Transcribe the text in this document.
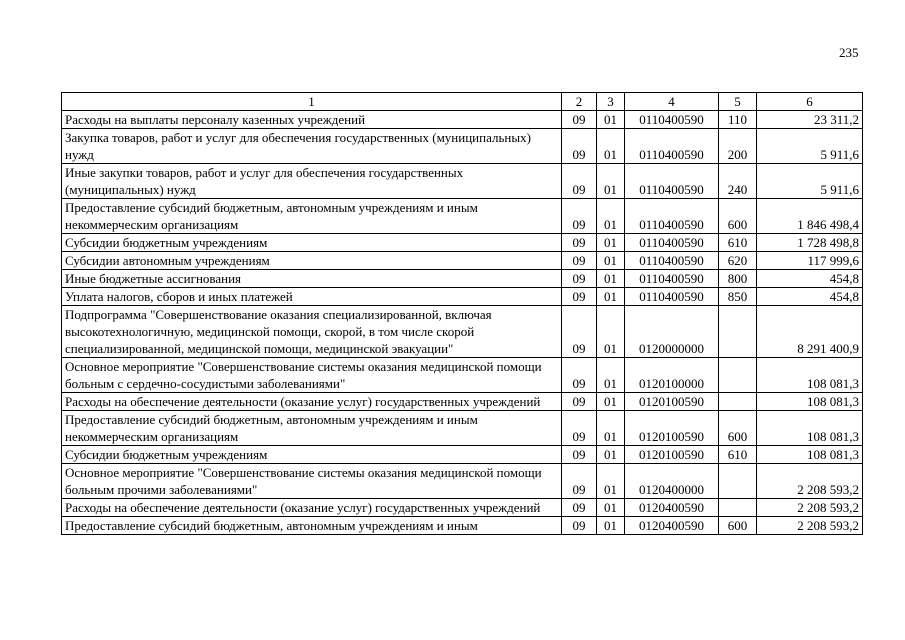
235
1	2	3	4	5	6
Расходы на выплаты персоналу казенных учреждений	09	01	0110400590	110	23 311,2
Закупка товаров, работ и услуг для обеспечения государственных (муниципальных) нужд	09	01	0110400590	200	5 911,6
Иные закупки товаров, работ и услуг для обеспечения государственных (муниципальных) нужд	09	01	0110400590	240	5 911,6
Предоставление субсидий бюджетным, автономным учреждениям и иным некоммерческим организациям	09	01	0110400590	600	1 846 498,4
Субсидии бюджетным учреждениям	09	01	0110400590	610	1 728 498,8
Субсидии автономным учреждениям	09	01	0110400590	620	117 999,6
Иные бюджетные ассигнования	09	01	0110400590	800	454,8
Уплата налогов, сборов и иных платежей	09	01	0110400590	850	454,8
Подпрограмма "Совершенствование оказания специализированной, включая высокотехнологичную, медицинской помощи, скорой, в том числе скорой специализированной, медицинской помощи, медицинской эвакуации"	09	01	0120000000		8 291 400,9
Основное мероприятие "Совершенствование системы оказания медицинской помощи больным с сердечно-сосудистыми заболеваниями"	09	01	0120100000		108 081,3
Расходы на обеспечение деятельности (оказание услуг) государственных учреждений	09	01	0120100590		108 081,3
Предоставление субсидий бюджетным, автономным учреждениям и иным некоммерческим организациям	09	01	0120100590	600	108 081,3
Субсидии бюджетным учреждениям	09	01	0120100590	610	108 081,3
Основное мероприятие "Совершенствование системы оказания медицинской помощи больным прочими заболеваниями"	09	01	0120400000		2 208 593,2
Расходы на обеспечение деятельности (оказание услуг) государственных учреждений	09	01	0120400590		2 208 593,2
Предоставление субсидий бюджетным, автономным учреждениям и иным	09	01	0120400590	600	2 208 593,2
